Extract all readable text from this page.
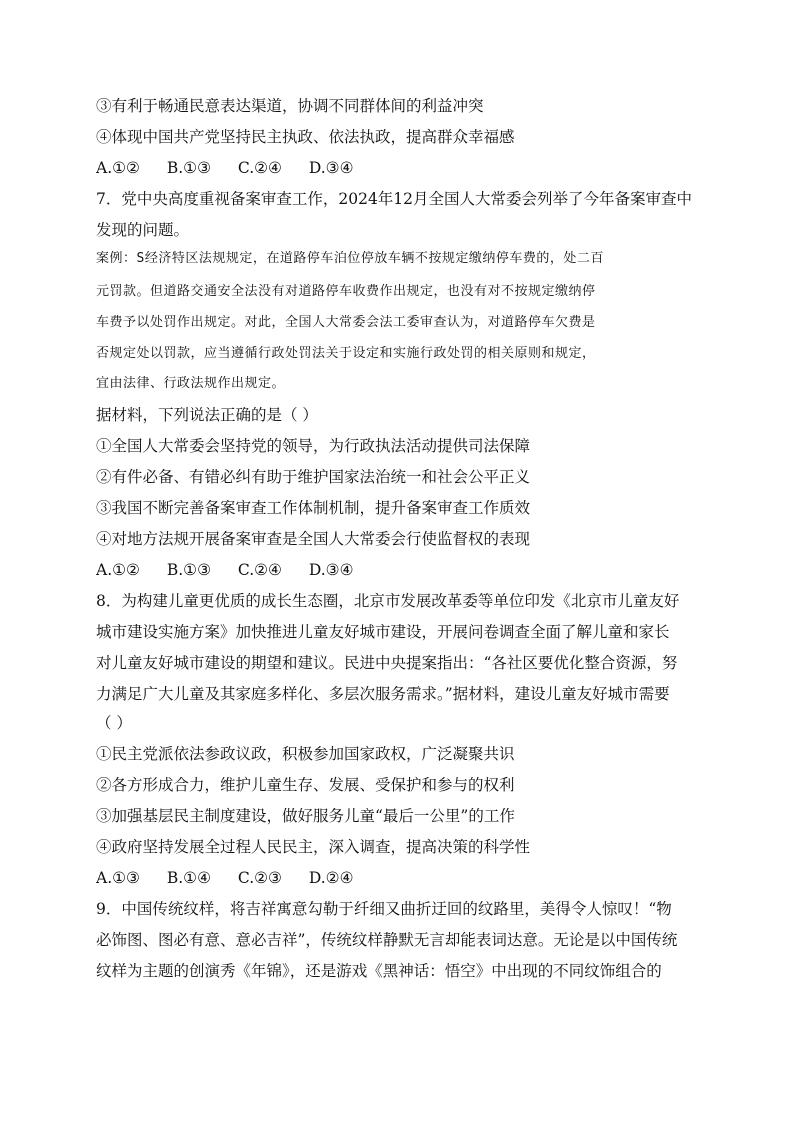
③有利于畅通民意表达渠道，协调不同群体间的利益冲突
④体现中国共产党坚持民主执政、依法执政，提高群众幸福感
A.①② B.①③ C.②④ D.③④
7．党中央高度重视备案审查工作，2024年12月全国人大常委会列举了今年备案审查中
发现的问题。
案例：S经济特区法规规定，在道路停车泊位停放车辆不按规定缴纳停车费的，处二百
元罚款。但道路交通安全法没有对道路停车收费作出规定，也没有对不按规定缴纳停
车费予以处罚作出规定。对此，全国人大常委会法工委审查认为，对道路停车欠费是
否规定处以罚款，应当遵循行政处罚法关于设定和实施行政处罚的相关原则和规定，
宜由法律、行政法规作出规定。
据材料，下列说法正确的是（ ）
①全国人大常委会坚持党的领导，为行政执法活动提供司法保障
②有件必备、有错必纠有助于维护国家法治统一和社会公平正义
③我国不断完善备案审查工作体制机制，提升备案审查工作质效
④对地方法规开展备案审查是全国人大常委会行使监督权的表现
A.①② B.①③ C.②④ D.③④
8．为构建儿童更优质的成长生态圈，北京市发展改革委等单位印发《北京市儿童友好
城市建设实施方案》加快推进儿童友好城市建设，开展问卷调查全面了解儿童和家长
对儿童友好城市建设的期望和建议。民进中央提案指出：“各社区要优化整合资源，努
力满足广大儿童及其家庭多样化、多层次服务需求。”据材料，建设儿童友好城市需要
（ ）
①民主党派依法参政议政，积极参加国家政权，广泛凝聚共识
②各方形成合力，维护儿童生存、发展、受保护和参与的权利
③加强基层民主制度建设，做好服务儿童“最后一公里”的工作
④政府坚持发展全过程人民民主，深入调查，提高决策的科学性
A.①③ B.①④ C.②③ D.②④
9．中国传统纹样，将吉祥寓意勾勒于纤细又曲折迂回的纹路里，美得令人惊叹！“物
必饰图、图必有意、意必吉祥”，传统纹样静默无言却能表词达意。无论是以中国传统
纹样为主题的创演秀《年锦》，还是游戏《黑神话：悟空》中出现的不同纹饰组合的
